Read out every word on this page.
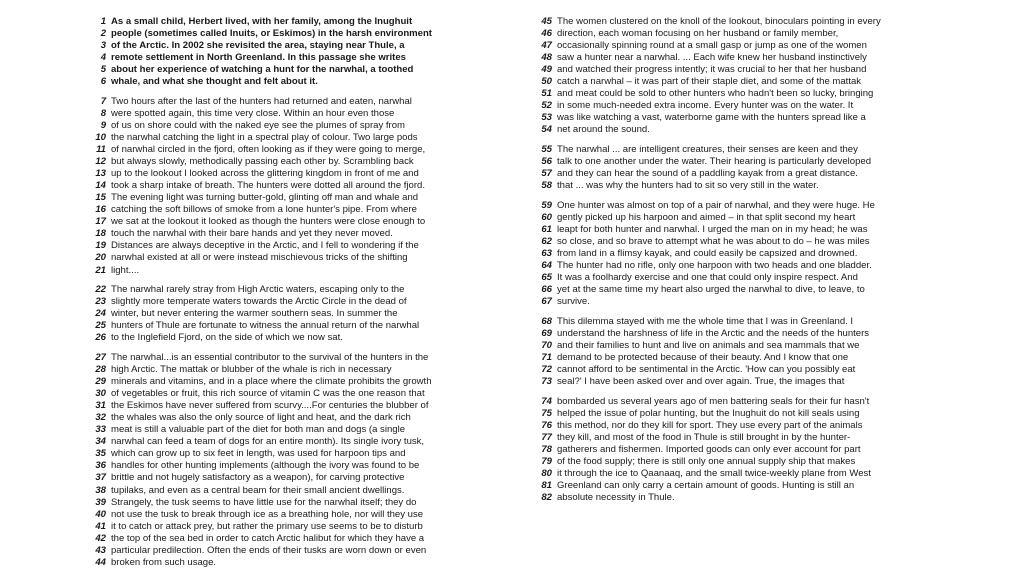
1 As a small child, Herbert lived, with her family, among the Inughuit
2 people (sometimes called Inuits, or Eskimos) in the harsh environment
3 of the Arctic. In 2002 she revisited the area, staying near Thule, a
4 remote settlement in North Greenland. In this passage she writes
5 about her experience of watching a hunt for the narwhal, a toothed
6 whale, and what she thought and felt about it.
7 Two hours after the last of the hunters had returned and eaten, narwhal
8 were spotted again, this time very close. Within an hour even those
9 of us on shore could with the naked eye see the plumes of spray from
10 the narwhal catching the light in a spectral play of colour. Two large pods
11 of narwhal circled in the fjord, often looking as if they were going to merge,
12 but always slowly, methodically passing each other by. Scrambling back
13 up to the lookout I looked across the glittering kingdom in front of me and
14 took a sharp intake of breath. The hunters were dotted all around the fjord.
15 The evening light was turning butter-gold, glinting off man and whale and
16 catching the soft billows of smoke from a lone hunter's pipe. From where
17 we sat at the lookout it looked as though the hunters were close enough to
18 touch the narwhal with their bare hands and yet they never moved.
19 Distances are always deceptive in the Arctic, and I fell to wondering if the
20 narwhal existed at all or were instead mischievous tricks of the shifting
21 light....
22 The narwhal rarely stray from High Arctic waters, escaping only to the
23 slightly more temperate waters towards the Arctic Circle in the dead of
24 winter, but never entering the warmer southern seas. In summer the
25 hunters of Thule are fortunate to witness the annual return of the narwhal
26 to the Inglefield Fjord, on the side of which we now sat.
27 The narwhal...is an essential contributor to the survival of the hunters in the
28 high Arctic. The mattak or blubber of the whale is rich in necessary
29 minerals and vitamins, and in a place where the climate prohibits the growth
30 of vegetables or fruit, this rich source of vitamin C was the one reason that
31 the Eskimos have never suffered from scurvy....For centuries the blubber of
32 the whales was also the only source of light and heat, and the dark rich
33 meat is still a valuable part of the diet for both man and dogs (a single
34 narwhal can feed a team of dogs for an entire month). Its single ivory tusk,
35 which can grow up to six feet in length, was used for harpoon tips and
36 handles for other hunting implements (although the ivory was found to be
37 brittle and not hugely satisfactory as a weapon), for carving protective
38 tupilaks, and even as a central beam for their small ancient dwellings.
39 Strangely, the tusk seems to have little use for the narwhal itself; they do
40 not use the tusk to break through ice as a breathing hole, nor will they use
41 it to catch or attack prey, but rather the primary use seems to be to disturb
42 the top of the sea bed in order to catch Arctic halibut for which they have a
43 particular predilection. Often the ends of their tusks are worn down or even
44 broken from such usage.
45 The women clustered on the knoll of the lookout, binoculars pointing in every
46 direction, each woman focusing on her husband or family member,
47 occasionally spinning round at a small gasp or jump as one of the women
48 saw a hunter near a narwhal. ... Each wife knew her husband instinctively
49 and watched their progress intently; it was crucial to her that her husband
50 catch a narwhal – it was part of their staple diet, and some of the mattak
51 and meat could be sold to other hunters who hadn't been so lucky, bringing
52 in some much-needed extra income. Every hunter was on the water. It
53 was like watching a vast, waterborne game with the hunters spread like a
54 net around the sound.
55 The narwhal ... are intelligent creatures, their senses are keen and they
56 talk to one another under the water. Their hearing is particularly developed
57 and they can hear the sound of a paddling kayak from a great distance.
58 that ... was why the hunters had to sit so very still in the water.
59 One hunter was almost on top of a pair of narwhal, and they were huge. He
60 gently picked up his harpoon and aimed – in that split second my heart
61 leapt for both hunter and narwhal. I urged the man on in my head; he was
62 so close, and so brave to attempt what he was about to do – he was miles
63 from land in a flimsy kayak, and could easily be capsized and drowned.
64 The hunter had no rifle, only one harpoon with two heads and one bladder.
65 It was a foolhardy exercise and one that could only inspire respect. And
66 yet at the same time my heart also urged the narwhal to dive, to leave, to
67 survive.
68 This dilemma stayed with me the whole time that I was in Greenland. I
69 understand the harshness of life in the Arctic and the needs of the hunters
70 and their families to hunt and live on animals and sea mammals that we
71 demand to be protected because of their beauty. And I know that one
72 cannot afford to be sentimental in the Arctic. 'How can you possibly eat
73 seal?' I have been asked over and over again. True, the images that
74 bombarded us several years ago of men battering seals for their fur hasn't
75 helped the issue of polar hunting, but the Inughuit do not kill seals using
76 this method, nor do they kill for sport. They use every part of the animals
77 they kill, and most of the food in Thule is still brought in by the hunter-
78 gatherers and fishermen. Imported goods can only ever account for part
79 of the food supply; there is still only one annual supply ship that makes
80 it through the ice to Qaanaaq, and the small twice-weekly plane from West
81 Greenland can only carry a certain amount of goods. Hunting is still an
82 absolute necessity in Thule.
